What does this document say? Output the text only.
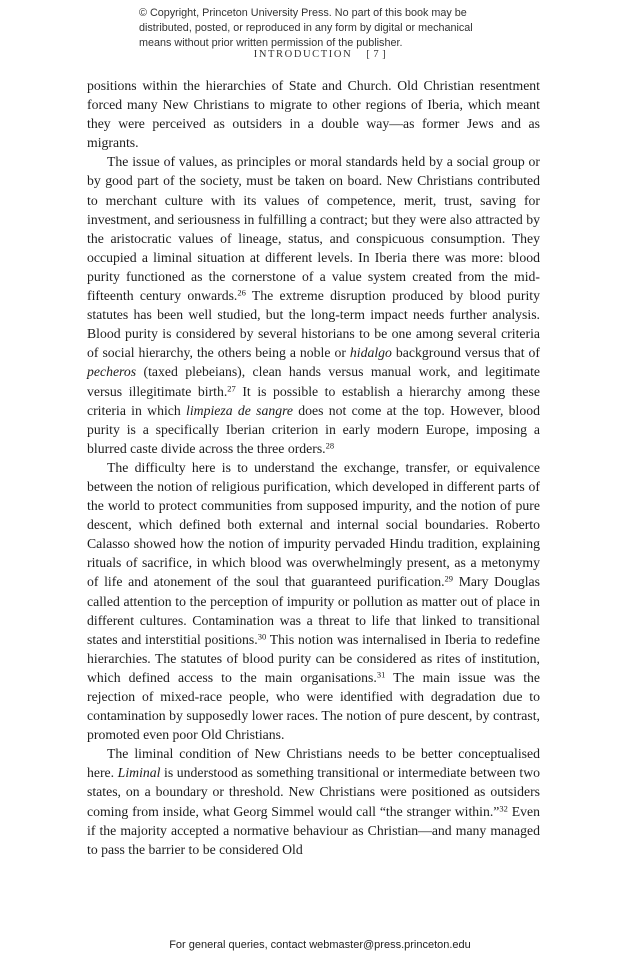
© Copyright, Princeton University Press. No part of this book may be
distributed, posted, or reproduced in any form by digital or mechanical
means without prior written permission of the publisher.
INTRODUCTION [ 7 ]

positions within the hierarchies of State and Church. Old Christian resentment forced many New Christians to migrate to other regions of Iberia, which meant they were perceived as outsiders in a double way—as former Jews and as migrants.

The issue of values, as principles or moral standards held by a social group or by good part of the society, must be taken on board. New Christians contributed to merchant culture with its values of competence, merit, trust, saving for investment, and seriousness in fulfilling a contract; but they were also attracted by the aristocratic values of lineage, status, and conspicuous consumption. They occupied a liminal situation at different levels. In Iberia there was more: blood purity functioned as the cornerstone of a value system created from the mid-fifteenth century onwards.$^{26}$ The extreme disruption produced by blood purity statutes has been well studied, but the long-term impact needs further analysis. Blood purity is considered by several historians to be one among several criteria of social hierarchy, the others being a noble or hidalgo background versus that of pecheros (taxed plebeians), clean hands versus manual work, and legitimate versus illegitimate birth.$^{27}$ It is possible to establish a hierarchy among these criteria in which limpieza de sangre does not come at the top. However, blood purity is a specifically Iberian criterion in early modern Europe, imposing a blurred caste divide across the three orders.$^{28}$

The difficulty here is to understand the exchange, transfer, or equivalence between the notion of religious purification, which developed in different parts of the world to protect communities from supposed impurity, and the notion of pure descent, which defined both external and internal social boundaries. Roberto Calasso showed how the notion of impurity pervaded Hindu tradition, explaining rituals of sacrifice, in which blood was overwhelmingly present, as a metonymy of life and atonement of the soul that guaranteed purification.$^{29}$ Mary Douglas called attention to the perception of impurity or pollution as matter out of place in different cultures. Contamination was a threat to life that linked to transitional states and interstitial positions.$^{30}$ This notion was internalised in Iberia to redefine hierarchies. The statutes of blood purity can be considered as rites of institution, which defined access to the main organisations.$^{31}$ The main issue was the rejection of mixed-race people, who were identified with degradation due to contamination by supposedly lower races. The notion of pure descent, by contrast, promoted even poor Old Christians.

The liminal condition of New Christians needs to be better conceptualised here. Liminal is understood as something transitional or intermediate between two states, on a boundary or threshold. New Christians were positioned as outsiders coming from inside, what Georg Simmel would call “the stranger within.”$^{32}$ Even if the majority accepted a normative behaviour as Christian—and many managed to pass the barrier to be considered Old

For general queries, contact webmaster@press.princeton.edu
